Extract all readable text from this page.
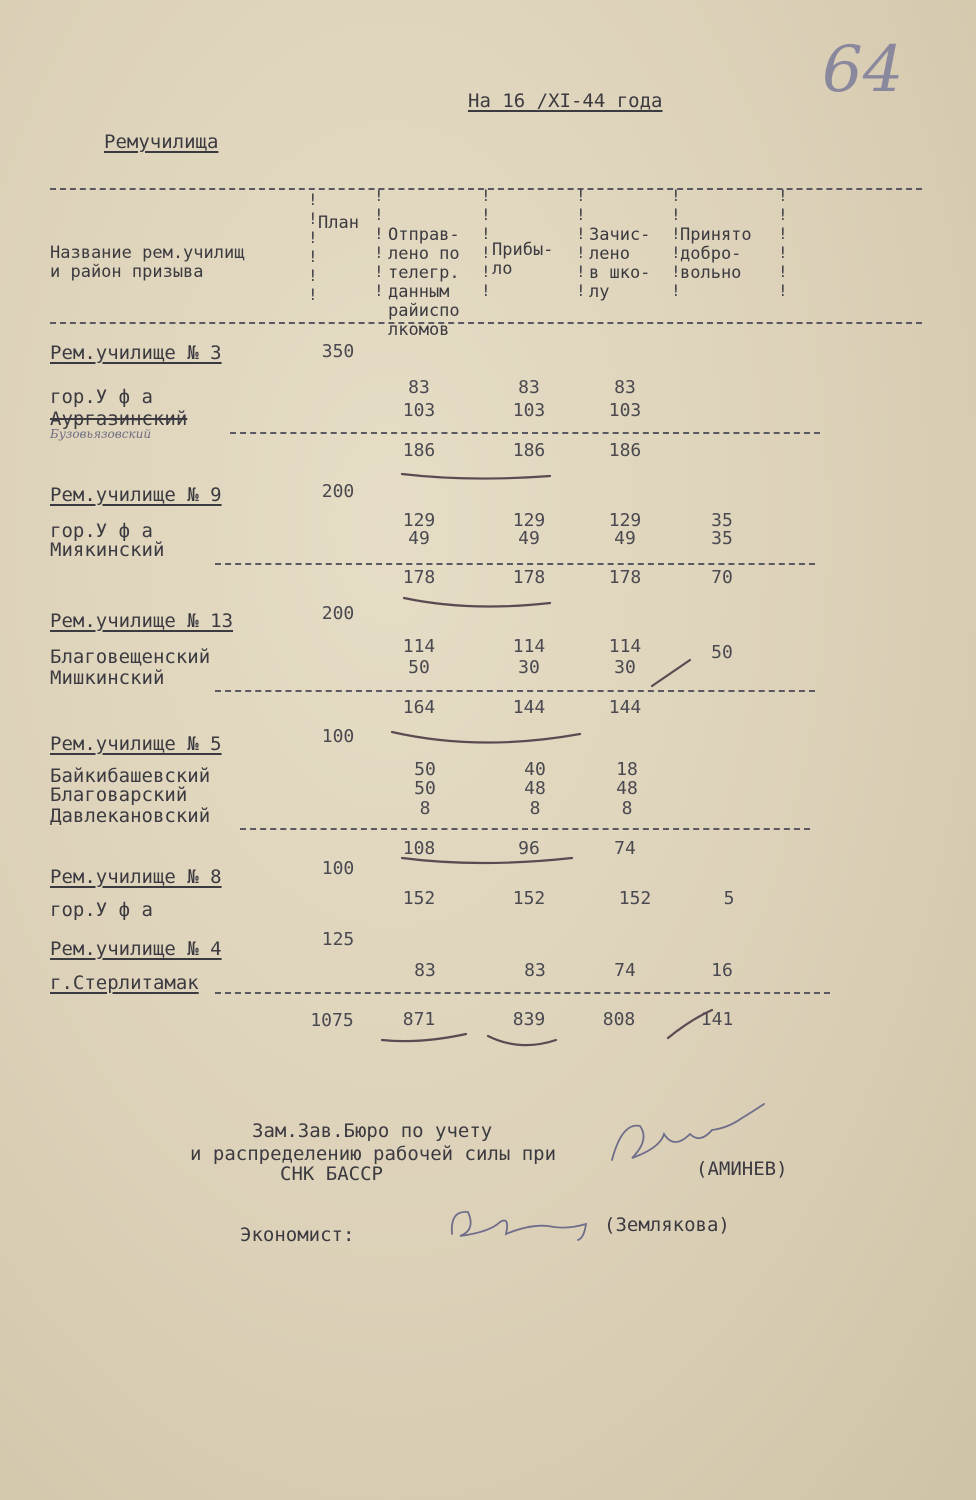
64
На 16 /XI-44 года
Ремучилища
!
!
!
!
!
!
!
!
!
!
!
!
!
!
!
!
!
!
!
!
!
!
!
!
!
!
!
!
!
!
!
!
!
!
!
!

Название рем.училищ
и район призыва

План

Отправ-
лено по
телегр.
данным
райиспо
лкомов

Прибы-
ло

Зачис-
лено
в шко-
лу

Принято
добро-
вольно

Рем.училище № 3	350
гор.У ф а	83	83	83
Аургазинский	103	103	103
Бузовьязовский
186	186	186
Рем.училище № 9	200
гор.У ф а	129	129	129	35
Миякинский
49	49	49	35
178	178	178	70
Рем.училище № 13	200
Благовещенский	114	114	114	50
Мишкинский	50	30	30
164	144	144
Рем.училище № 5	100
Байкибашевский	50	40	18
Благоварский	50	48	48
Давлекановский	8	8	8
108	96	74
Рем.училище № 8	100
гор.У ф а
152	152	152	5
Рем.училище № 4	125
г.Стерлитамак
83	83	74	16
1075	871	839	808	141
Зам.Зав.Бюро по учету
и распределению рабочей силы при
СНК БАССР	(АМИНЕВ)
Экономист:	(Землякова)
